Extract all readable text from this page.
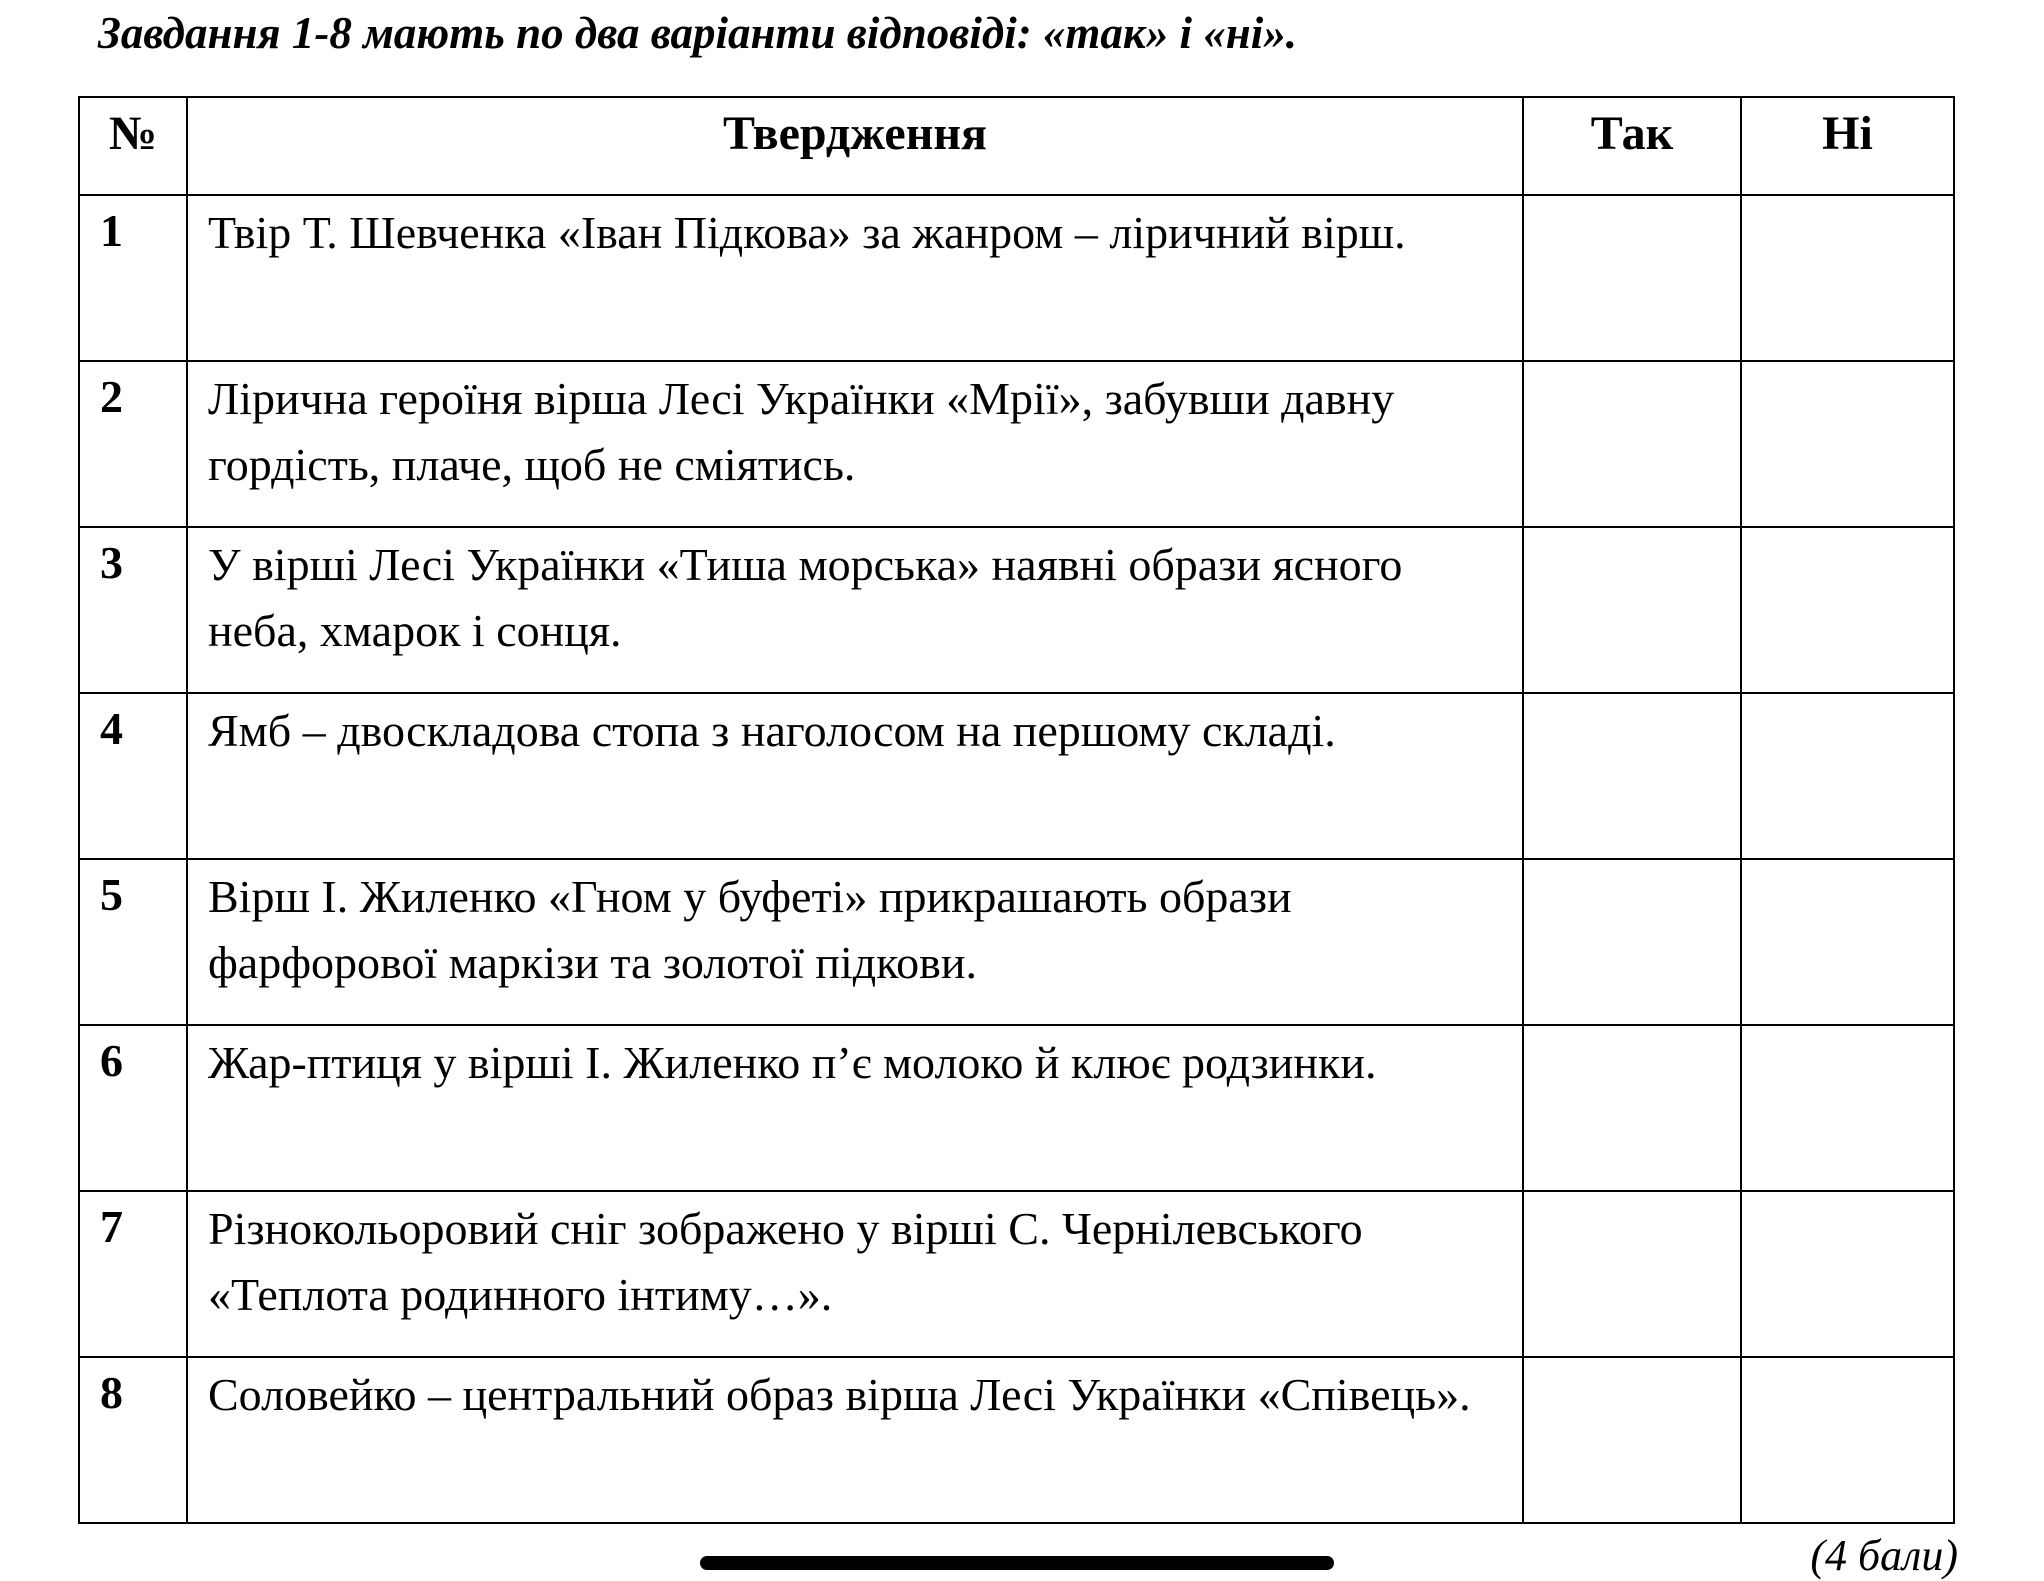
Завдання 1-8 мають по два варіанти відповіді: «так» і «ні».
№	Твердження	Так	Ні
1	Твір Т. Шевченка «Іван Підкова» за жанром – ліричний вірш.		
2	Лірична героїня вірша Лесі Українки «Мрії», забувши давну гордість, плаче, щоб не сміятись.		
3	У вірші Лесі Українки «Тиша морська» наявні образи ясного неба, хмарок і сонця.		
4	Ямб – двоскладова стопа з наголосом на першому складі.		
5	Вірш І. Жиленко «Гном у буфеті» прикрашають образи фарфорової маркізи та золотої підкови.		
6	Жар-птиця у вірші І. Жиленко п’є молоко й клює родзинки.		
7	Різнокольоровий сніг зображено у вірші С. Чернілевського «Теплота родинного інтиму…».		
8	Соловейко – центральний образ вірша Лесі Українки «Співець».		
(4 бали)
